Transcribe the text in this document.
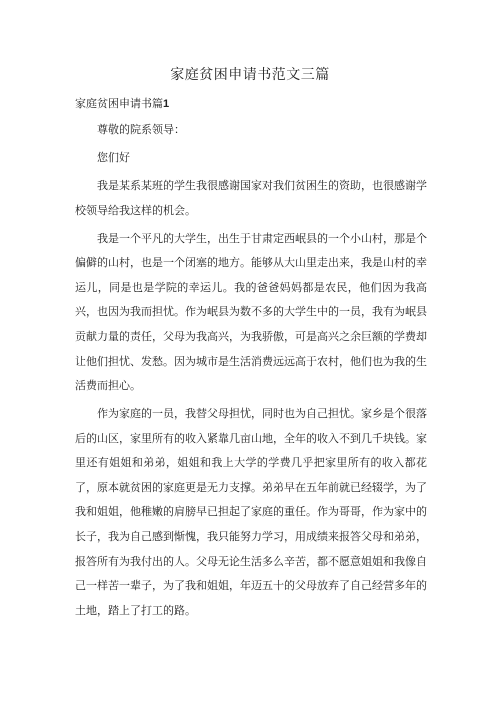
家庭贫困申请书范文三篇
家庭贫困申请书篇1

尊敬的院系领导：

您们好

我是某系某班的学生我很感谢国家对我们贫困生的资助，也很感谢学校领导给我这样的机会。

我是一个平凡的大学生，出生于甘肃定西岷县的一个小山村，那是个偏僻的山村，也是一个闭塞的地方。能够从大山里走出来，我是山村的幸运儿，同是也是学院的幸运儿。我的爸爸妈妈都是农民，他们因为我高兴，也因为我而担忧。作为岷县为数不多的大学生中的一员，我有为岷县贡献力量的责任，父母为我高兴，为我骄傲，可是高兴之余巨额的学费却让他们担忧、发愁。因为城市是生活消费远远高于农村，他们也为我的生活费而担心。

作为家庭的一员，我替父母担忧，同时也为自己担忧。家乡是个很落后的山区，家里所有的收入紧靠几亩山地，全年的收入不到几千块钱。家里还有姐姐和弟弟，姐姐和我上大学的学费几乎把家里所有的收入都花了，原本就贫困的家庭更是无力支撑。弟弟早在五年前就已经辍学，为了我和姐姐，他稚嫩的肩膀早已担起了家庭的重任。作为哥哥，作为家中的长子，我为自己感到惭愧，我只能努力学习，用成绩来报答父母和弟弟，报答所有为我付出的人。父母无论生活多么辛苦，都不愿意姐姐和我像自己一样苦一辈子，为了我和姐姐，年迈五十的父母放弃了自己经营多年的土地，踏上了打工的路。
